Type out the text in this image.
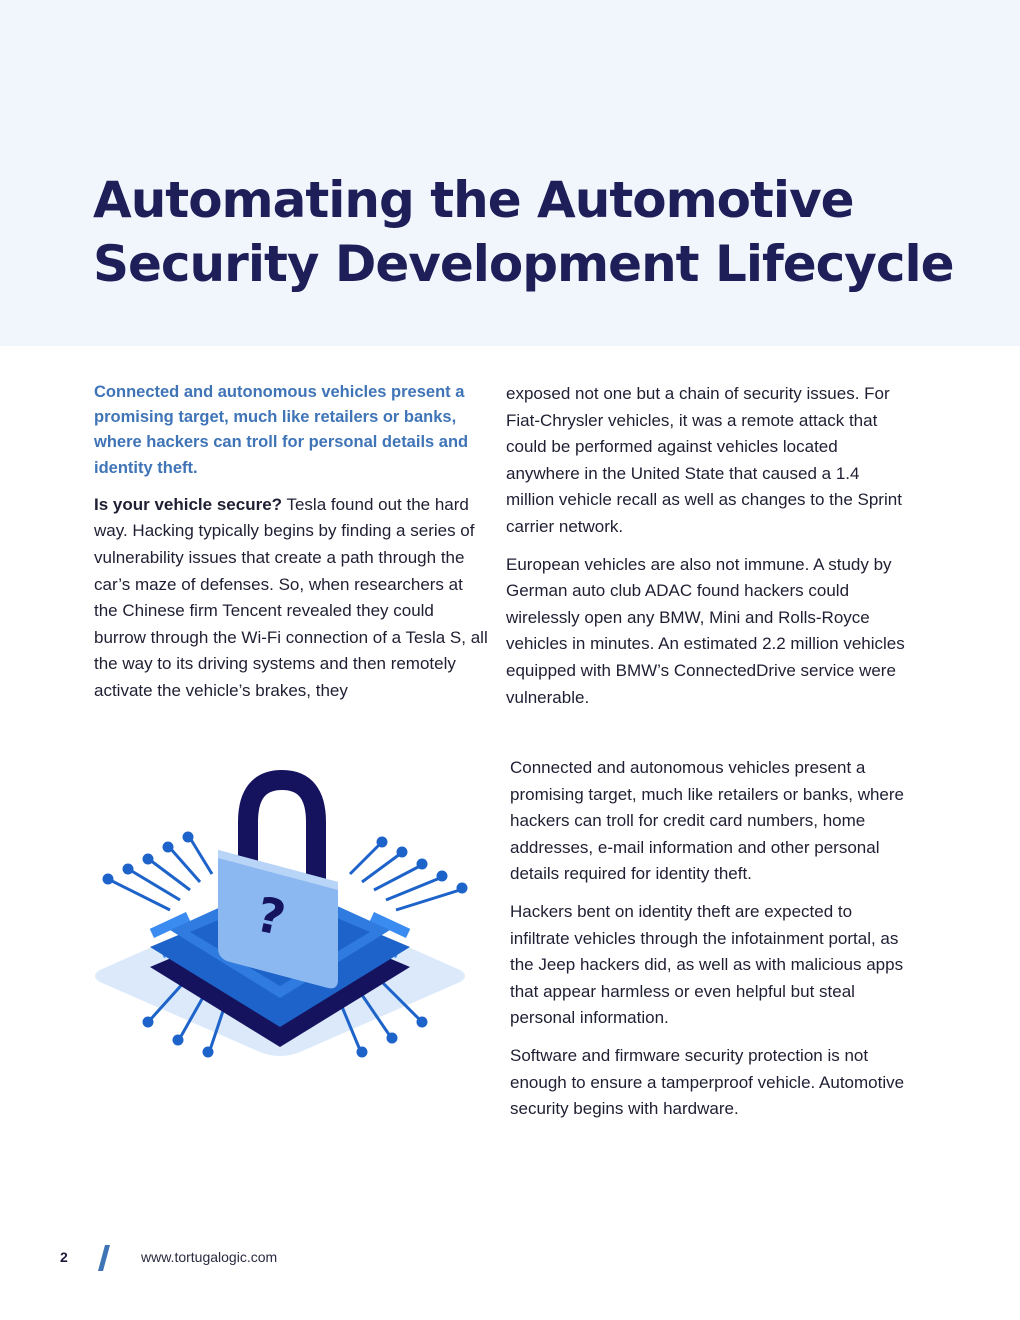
Automating the Automotive
Security Development Lifecycle

Connected and autonomous vehicles present a promising target, much like retailers or banks, where hackers can troll for personal details and identity theft.

Is your vehicle secure? Tesla found out the hard way. Hacking typically begins by finding a series of vulnerability issues that create a path through the car’s maze of defenses. So, when researchers at the Chinese firm Tencent revealed they could burrow through the Wi-Fi connection of a Tesla S, all the way to its driving systems and then remotely activate the vehicle’s brakes, they

exposed not one but a chain of security issues. For Fiat-Chrysler vehicles, it was a remote attack that could be performed against vehicles located anywhere in the United State that caused a 1.4 million vehicle recall as well as changes to the Sprint carrier network.

European vehicles are also not immune. A study by German auto club ADAC found hackers could wirelessly open any BMW, Mini and Rolls-Royce vehicles in minutes. An estimated 2.2 million vehicles equipped with BMW’s ConnectedDrive service were vulnerable.

?

Connected and autonomous vehicles present a promising target, much like retailers or banks, where hackers can troll for credit card numbers, home addresses, e-mail information and other personal details required for identity theft.

Hackers bent on identity theft are expected to infiltrate vehicles through the infotainment portal, as the Jeep hackers did, as well as with malicious apps that appear harmless or even helpful but steal personal information.

Software and firmware security protection is not enough to ensure a tamperproof vehicle. Automotive security begins with hardware.

2	www.tortugalogic.com
